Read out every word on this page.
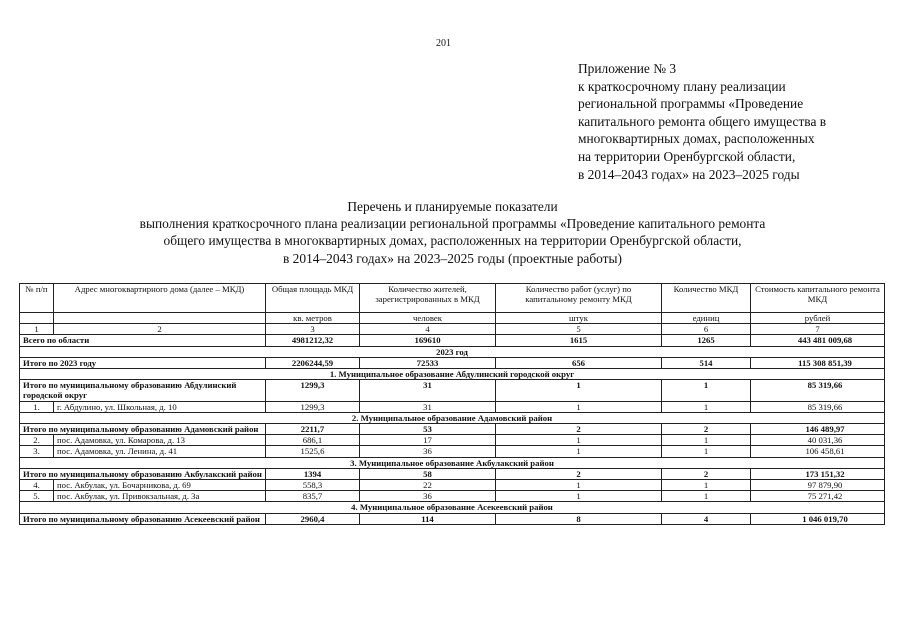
201
Приложение № 3
к краткосрочному плану реализации
региональной программы «Проведение
капитального ремонта общего имущества в
многоквартирных домах, расположенных
на территории Оренбургской области,
в 2014–2043 годах» на 2023–2025 годы
Перечень и планируемые показатели
выполнения краткосрочного плана реализации региональной программы «Проведение капитального ремонта
общего имущества в многоквартирных домах, расположенных на территории Оренбургской области,
в 2014–2043 годах» на 2023–2025 годы (проектные работы)
№ п/п	Адрес многоквартирного дома (далее – МКД)	Общая площадь МКД	Количество жителей, зарегистрированных в МКД	Количество работ (услуг) по капитальному ремонту МКД	Количество МКД	Стоимость капитального ремонта МКД
		кв. метров	человек	штук	единиц	рублей
1	2	3	4	5	6	7
Всего по области		4981212,32	169610	1615	1265	443 481 009,68
2023 год						
Итого по 2023 году		2206244,59	72533	656	514	115 308 851,39
1. Муниципальное образование Абдулинский городской округ						
Итого по муниципальному образованию Абдулинский городской округ		1299,3	31	1	1	85 319,66
1.	г. Абдулино, ул. Школьная, д. 10	1299,3	31	1	1	85 319,66
2. Муниципальное образование Адамовский район						
Итого по муниципальному образованию Адамовский район		2211,7	53	2	2	146 489,97
2.	пос. Адамовка, ул. Комарова, д. 13	686,1	17	1	1	40 031,36
3.	пос. Адамовка, ул. Ленина, д. 41	1525,6	36	1	1	106 458,61
3. Муниципальное образование Акбулакский район						
Итого по муниципальному образованию Акбулакский район		1394	58	2	2	173 151,32
4.	пос. Акбулак, ул. Бочарникова, д. 69	558,3	22	1	1	97 879,90
5.	пос. Акбулак, ул. Привокзальная, д. 3а	835,7	36	1	1	75 271,42
4. Муниципальное образование Асекеевский район						
Итого по муниципальному образованию Асекеевский район		2960,4	114	8	4	1 046 019,70
